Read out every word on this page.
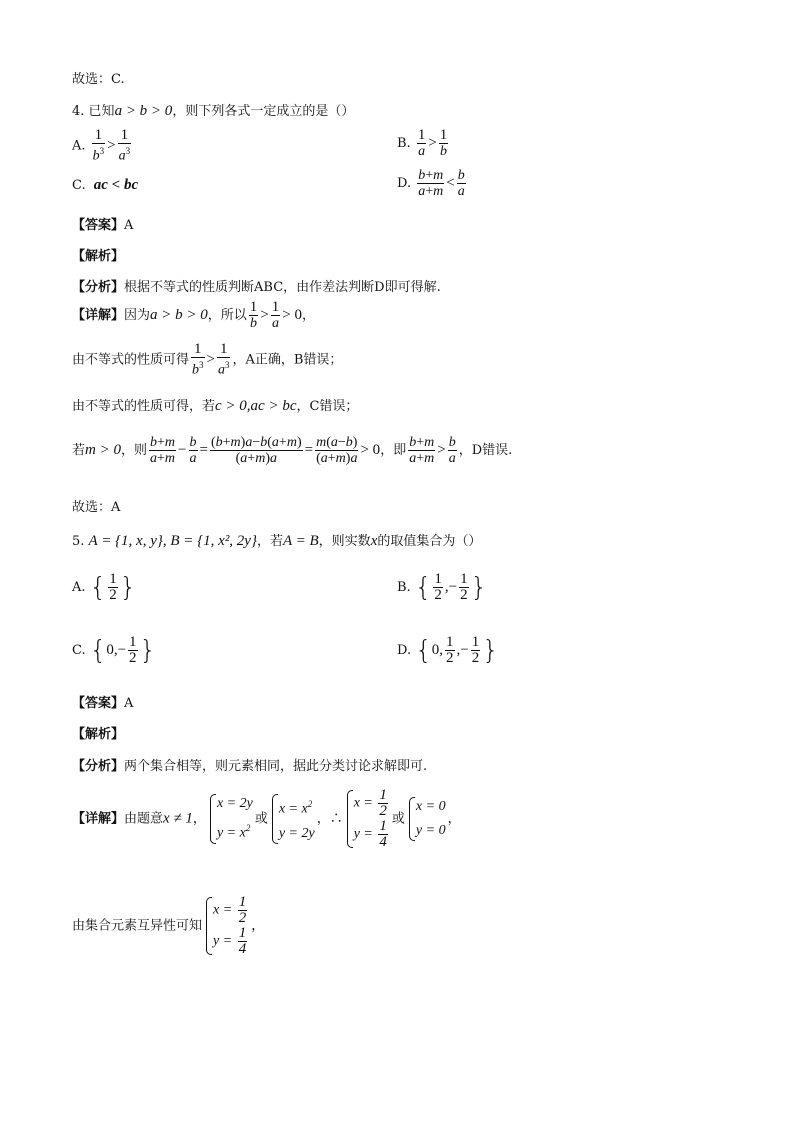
故选：C.
4. 已知a > b > 0，则下列各式一定成立的是（）
A. $\frac{1}{b^3} > \frac{1}{a^3}$	B. $\frac{1}{a} > \frac{1}{b}$
C. ac < bc	D. $\frac{b+m}{a+m} < \frac{b}{a}$
【答案】A
【解析】
【分析】根据不等式的性质判断ABC，由作差法判断D即可得解.
【详解】因为a > b > 0，所以 $\frac{1}{b} > \frac{1}{a} > 0$，
由不等式的性质可得 $\frac{1}{b^3} > \frac{1}{a^3}$ ，A正确，B错误；
由不等式的性质可得，若c > 0,ac > bc，C错误；
若m > 0，则 $\frac{b+m}{a+m} - \frac{b}{a} = \frac{(b+m)a-b(a+m)}{(a+m)a} = \frac{m(a-b)}{(a+m)a} > 0$，即 $\frac{b+m}{a+m} > \frac{b}{a}$ ，D错误.
故选：A
5. A = {1, x, y}, B = {1, x², 2y}，若A = B，则实数x的取值集合为（）
A. { $\frac{1}{2}$ }	B. { $\frac{1}{2}$ ,− $\frac{1}{2}$ }
C. {$0,- \frac{1}{2}$ }	D. {0, $\frac{1}{2}$ ,− $\frac{1}{2}$ }
【答案】A
【解析】
【分析】两个集合相等，则元素相同，据此分类讨论求解即可.
【详解】由题意x ≠ 1，
x = 2y
$y = x^2$
或
$x = x^2$
y = 2y
，∴
$x = \frac{1}{2}$
$y = \frac{1}{4}$ 或
x = 0
y = 0
，
由集合元素互异性可知
$x = \frac{1}{2}$
$y = \frac{1}{4}$ ，
